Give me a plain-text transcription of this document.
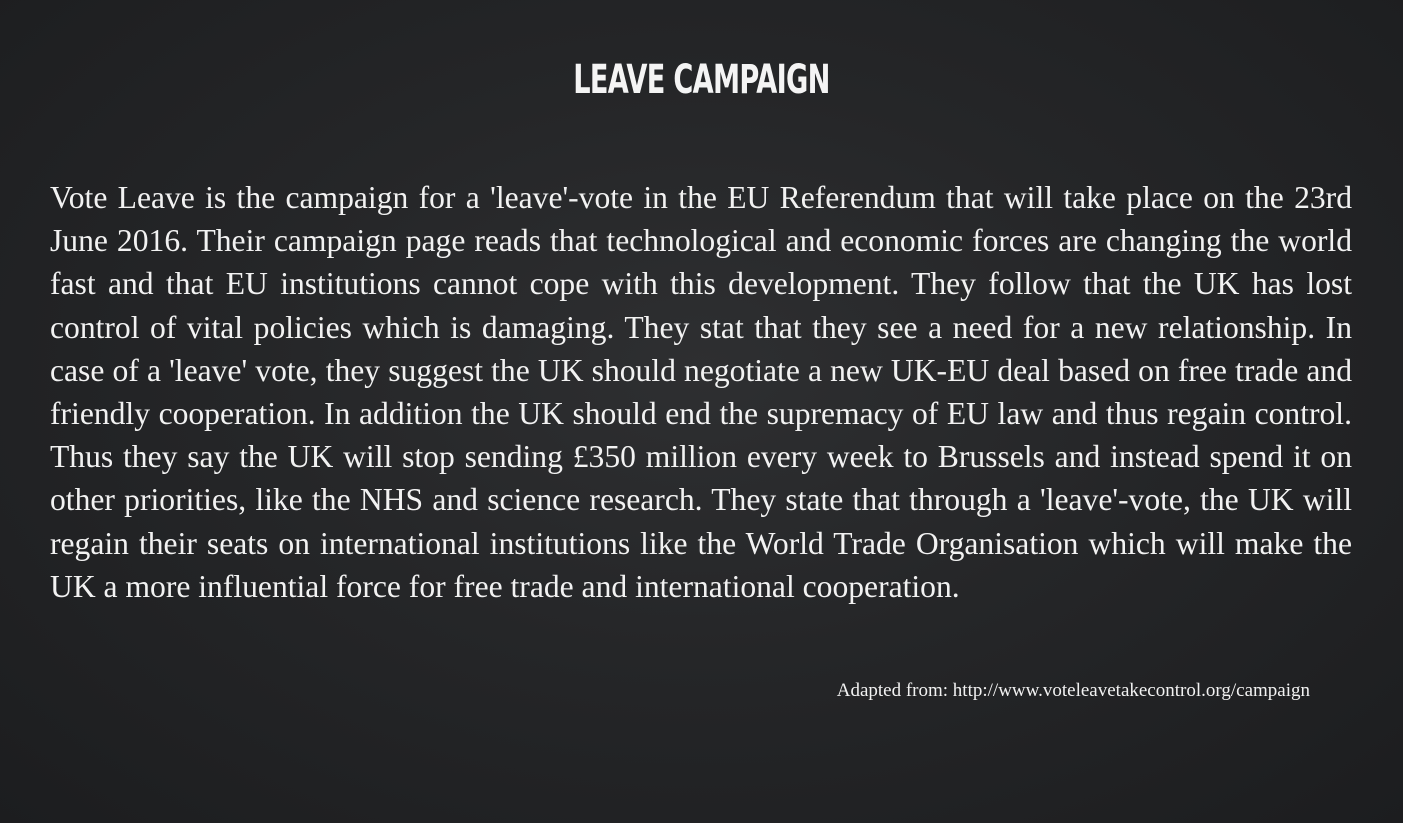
LEAVE CAMPAIGN

Vote Leave is the campaign for a 'leave'-vote in the EU Referendum that will take place on the 23rd June 2016. Their campaign page reads that technological and economic forces are changing the world fast and that EU institutions cannot cope with this development. They follow that the UK has lost control of vital policies which is damaging. They stat that they see a need for a new relationship. In case of a 'leave' vote, they suggest the UK should negotiate a new UK-EU deal based on free trade and friendly cooperation. In addition the UK should end the supremacy of EU law and thus regain control. Thus they say the UK will stop sending £350 million every week to Brussels and instead spend it on other priorities, like the NHS and science research. They state that through a 'leave'-vote, the UK will regain their seats on international institutions like the World Trade Organisation which will make the UK a more influential force for free trade and international cooperation.

Adapted from: http://www.voteleavetakecontrol.org/campaign
